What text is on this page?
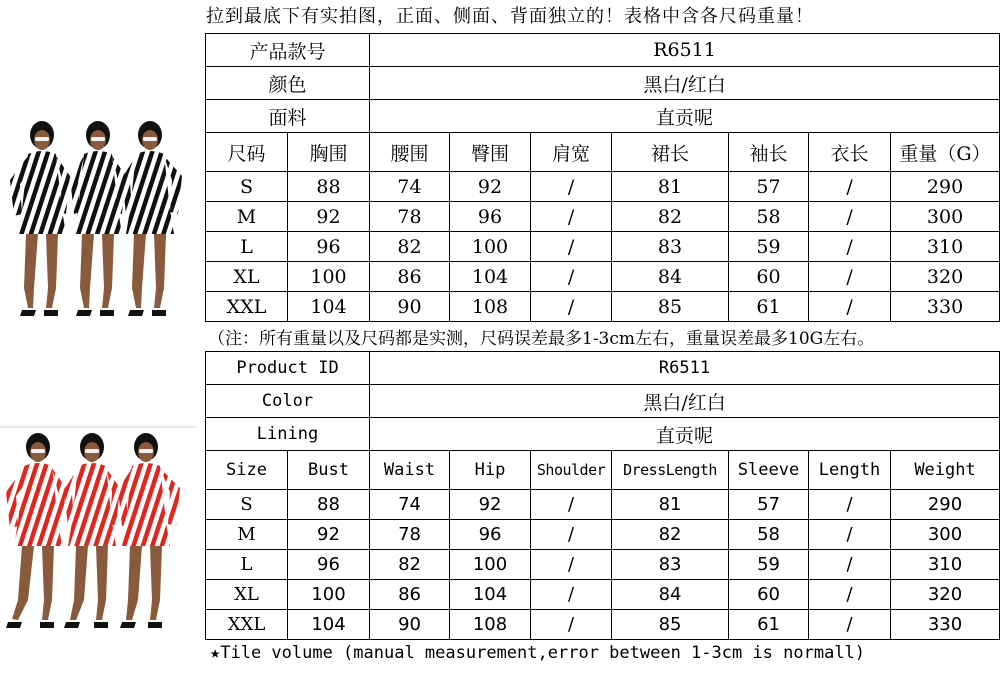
拉到最底下有实拍图，正面、侧面、背面独立的！表格中含各尺码重量！
产品款号		R6511						
颜色		黑白/红白						
面料		直贡呢						
尺码	胸围	腰围	臀围	肩宽	裙长	袖长	衣长	重量（G）
S	88	74	92	/	81	57	/	290
M	92	78	96	/	82	58	/	300
L	96	82	100	/	83	59	/	310
XL	100	86	104	/	84	60	/	320
XXL	104	90	108	/	85	61	/	330
（注：所有重量以及尺码都是实测，尺码误差最多1-3cm左右，重量误差最多10G左右。
Product ID		R6511						
Color		黑白/红白						
Lining		直贡呢						
Size	Bust	Waist	Hip	Shoulder	DressLength	Sleeve	Length	Weight
S	88	74	92	/	81	57	/	290
M	92	78	96	/	82	58	/	300
L	96	82	100	/	83	59	/	310
XL	100	86	104	/	84	60	/	320
XXL	104	90	108	/	85	61	/	330
★Tile volume (manual measurement,error between 1-3cm is normall)
